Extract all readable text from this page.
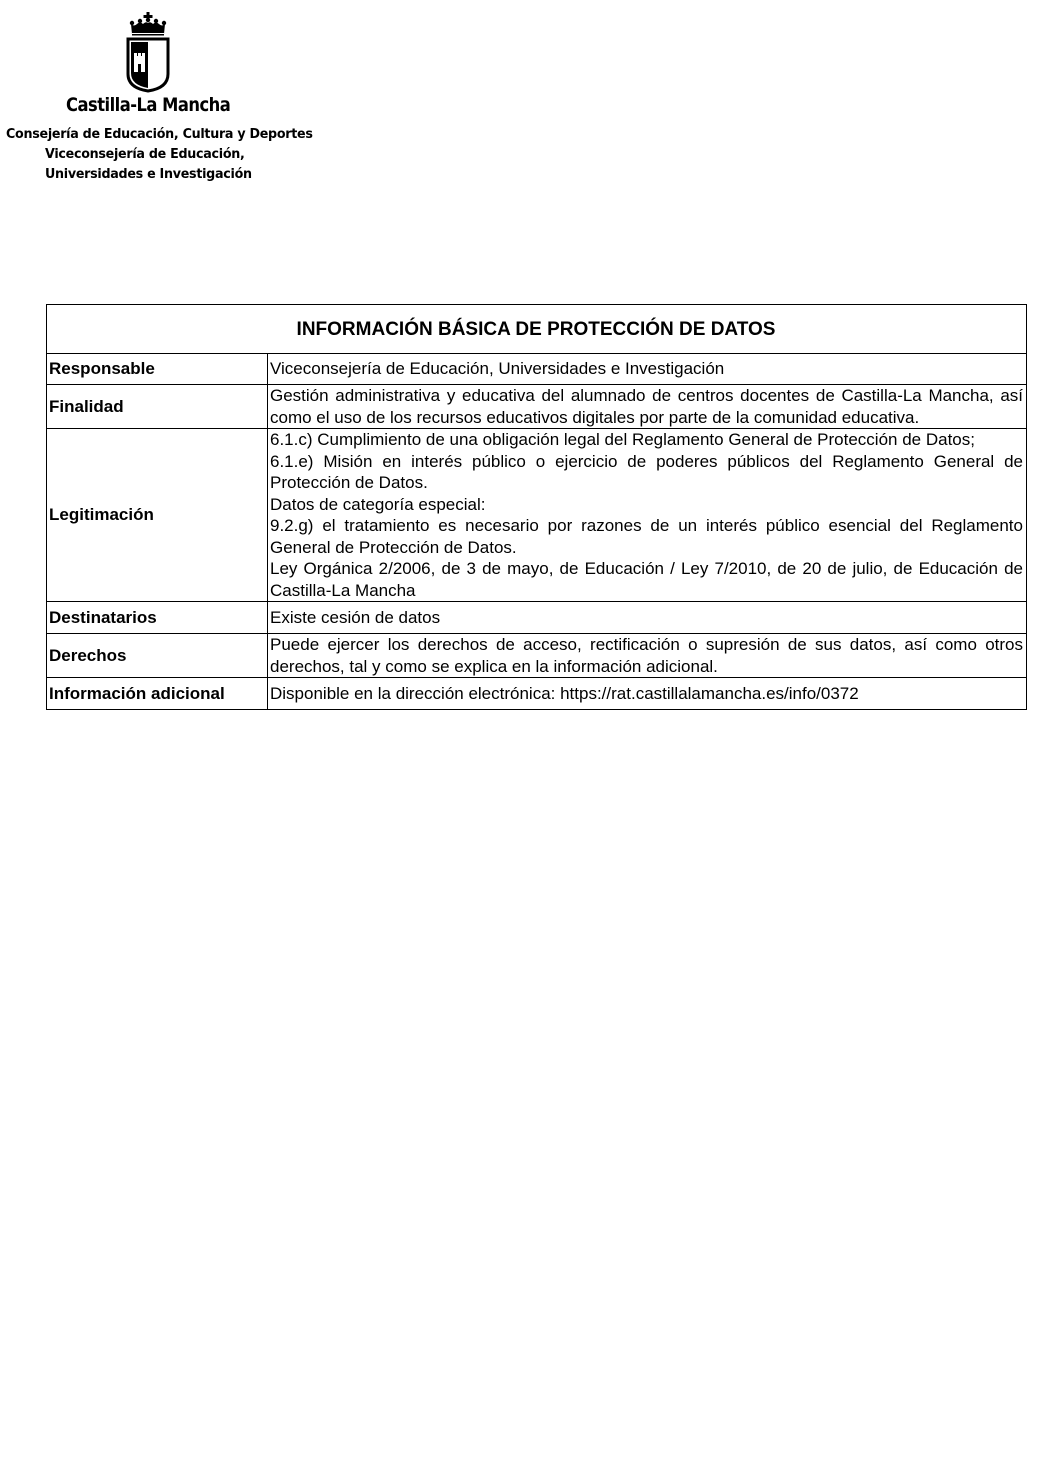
Castilla-La Mancha
Consejería de Educación, Cultura y Deportes
Viceconsejería de Educación,
Universidades e Investigación
INFORMACIÓN BÁSICA DE PROTECCIÓN DE DATOS	
Responsable	Viceconsejería de Educación, Universidades e Investigación
Finalidad	Gestión administrativa y educativa del alumnado de centros docentes de Castilla-La Mancha, así como el uso de los recursos educativos digitales por parte de la comunidad educativa.
Legitimación	6.1.c) Cumplimiento de una obligación legal del Reglamento General de Protección de Datos;
6.1.e) Misión en interés público o ejercicio de poderes públicos del Reglamento General de Protección de Datos.
Datos de categoría especial:
9.2.g) el tratamiento es necesario por razones de un interés público esencial del Reglamento General de Protección de Datos.
Ley Orgánica 2/2006, de 3 de mayo, de Educación / Ley 7/2010, de 20 de julio, de Educación de Castilla-La Mancha

Destinatarios	Existe cesión de datos
Derechos	Puede ejercer los derechos de acceso, rectificación o supresión de sus datos, así como otros derechos, tal y como se explica en la información adicional.
Información adicional	Disponible en la dirección electrónica: https://rat.castillalamancha.es/info/0372
